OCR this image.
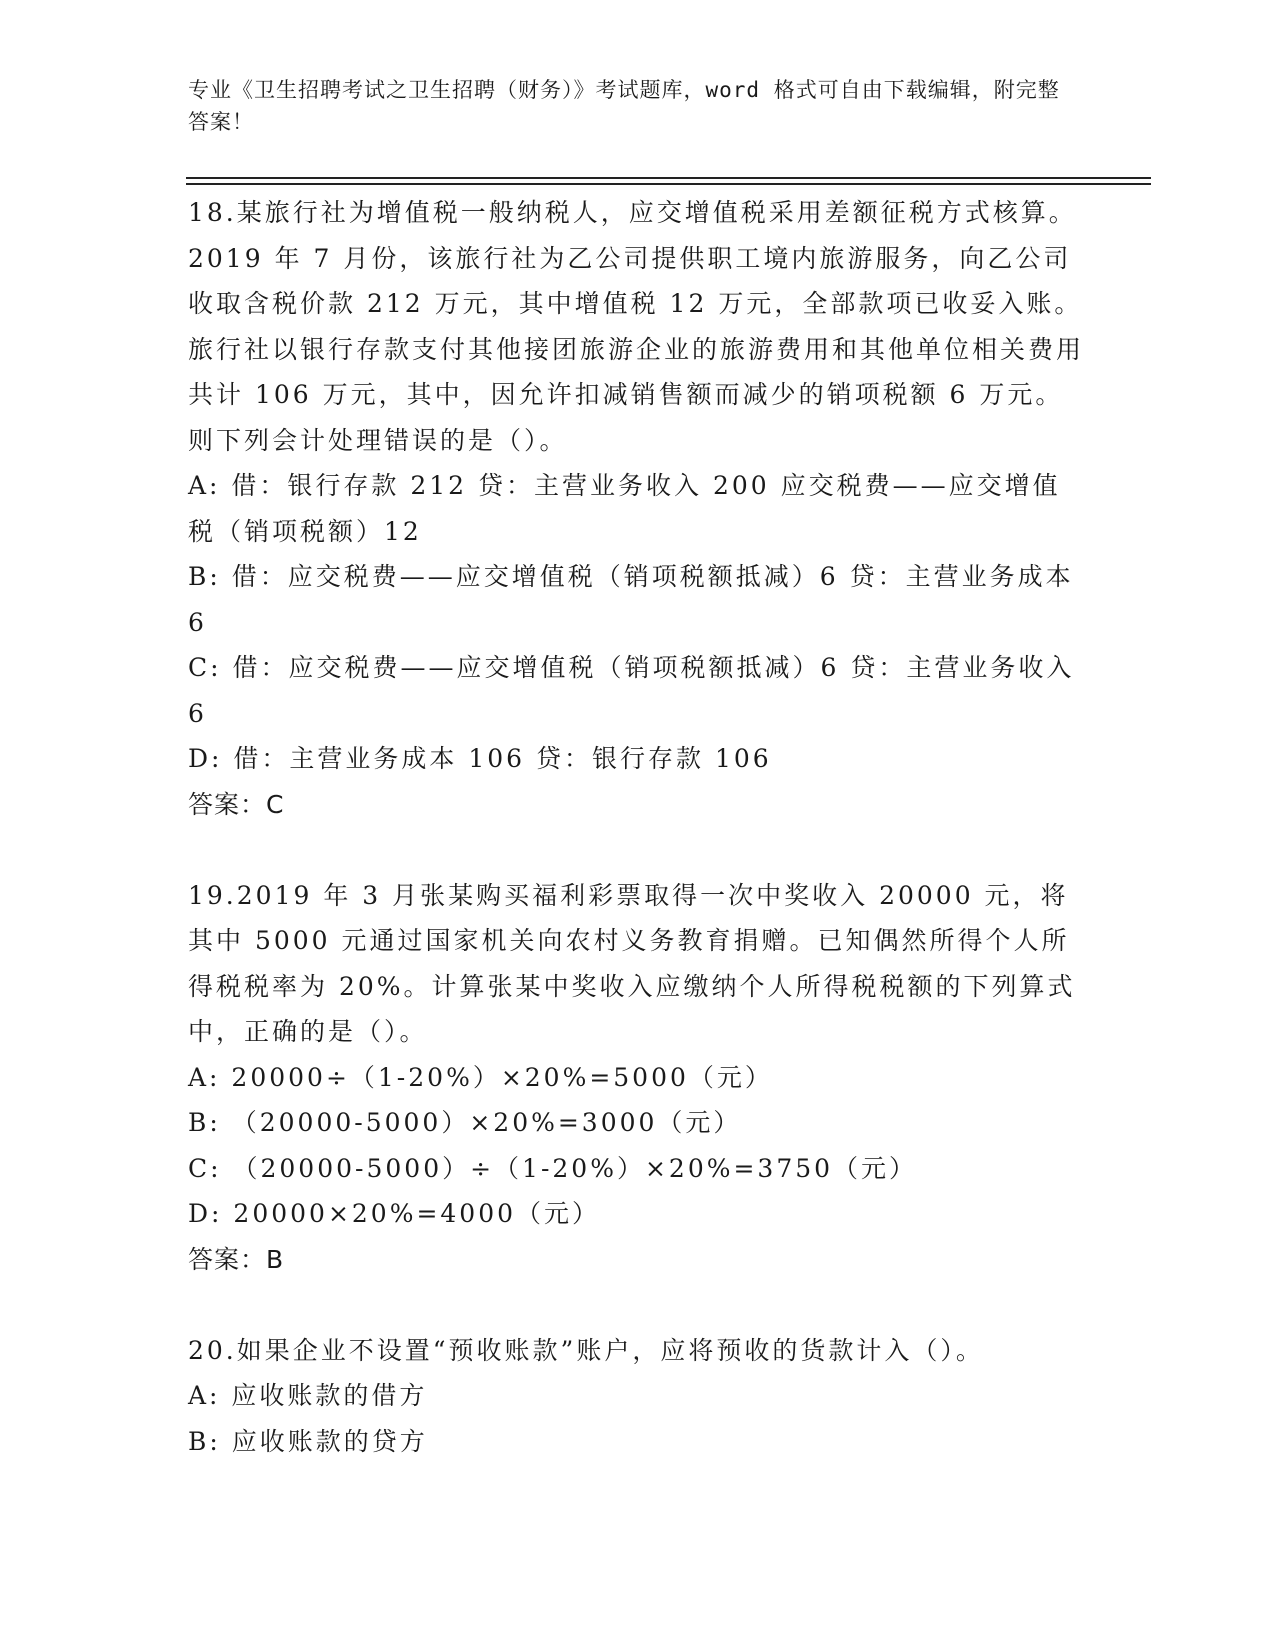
专业《卫生招聘考试之卫生招聘（财务）》考试题库，word 格式可自由下载编辑，附完整答案！

18.某旅行社为增值税一般纳税人，应交增值税采用差额征税方式核算。2019 年 7 月份，该旅行社为乙公司提供职工境内旅游服务，向乙公司收取含税价款 212 万元，其中增值税 12 万元，全部款项已收妥入账。旅行社以银行存款支付其他接团旅游企业的旅游费用和其他单位相关费用共计 106 万元，其中，因允许扣减销售额而减少的销项税额 6 万元。则下列会计处理错误的是（）。

A: 借：银行存款 212 贷：主营业务收入 200 应交税费——应交增值税（销项税额）12

B: 借：应交税费——应交增值税（销项税额抵减）6 贷：主营业务成本 6

C: 借：应交税费——应交增值税（销项税额抵减）6 贷：主营业务收入 6

D: 借：主营业务成本 106 贷：银行存款 106

答案：C

19.2019 年 3 月张某购买福利彩票取得一次中奖收入 20000 元，将其中 5000 元通过国家机关向农村义务教育捐赠。已知偶然所得个人所得税税率为 20%。计算张某中奖收入应缴纳个人所得税税额的下列算式中，正确的是（）。

A: 20000÷（1-20%）×20%=5000（元）

B: （20000-5000）×20%=3000（元）

C: （20000-5000）÷（1-20%）×20%=3750（元）

D: 20000×20%=4000（元）

答案：B

20.如果企业不设置“预收账款”账户，应将预收的货款计入（）。

A: 应收账款的借方

B: 应收账款的贷方
